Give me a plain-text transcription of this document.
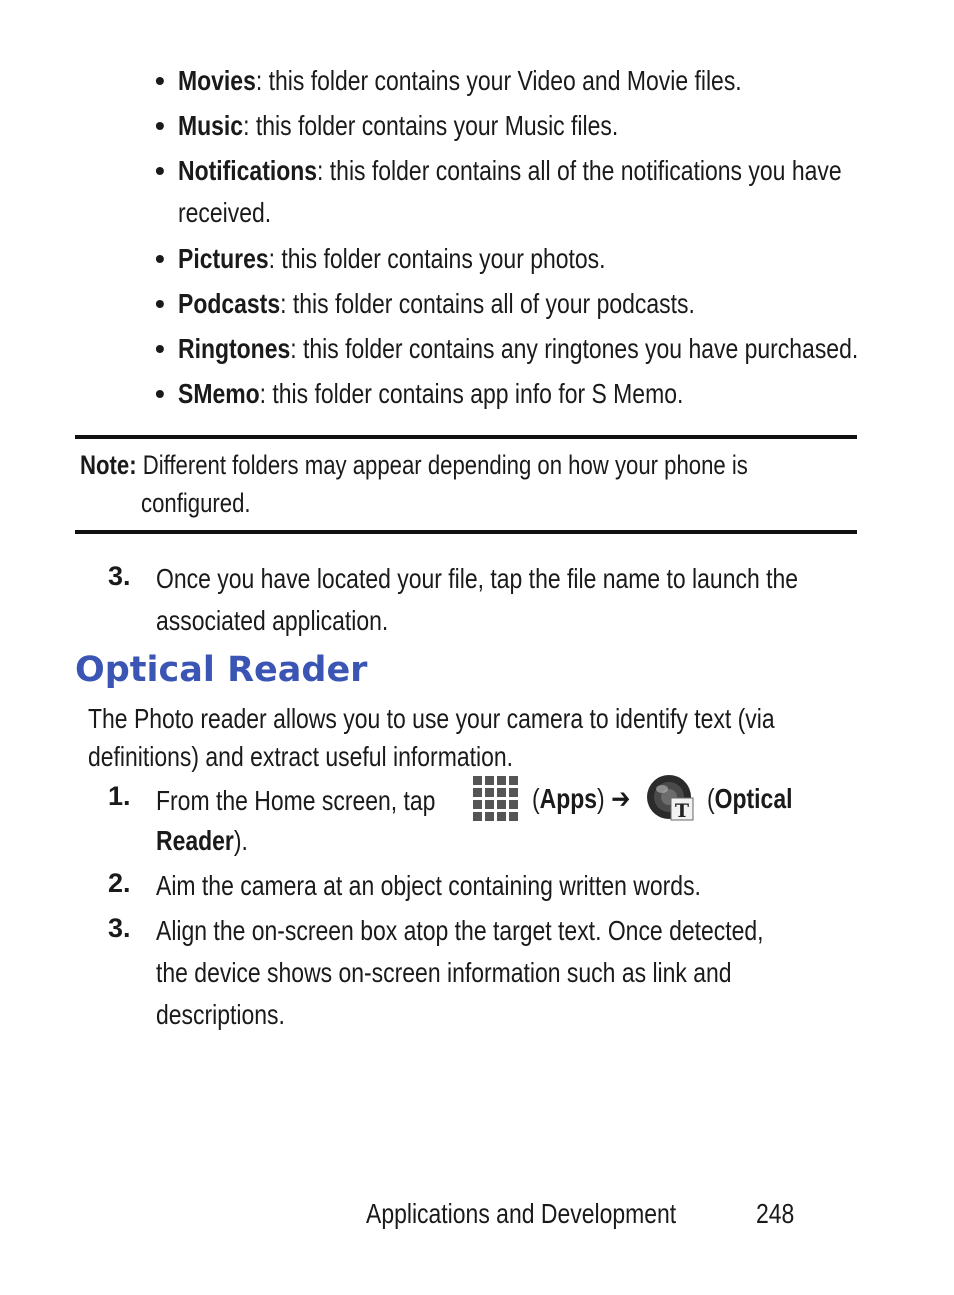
• Movies: this folder contains your Video and Movie files.
• Music: this folder contains your Music files.
• Notifications: this folder contains all of the notifications you have
received.
• Pictures: this folder contains your photos.
• Podcasts: this folder contains all of your podcasts.
• Ringtones: this folder contains any ringtones you have purchased.
• SMemo: this folder contains app info for S Memo.
Note: Different folders may appear depending on how your phone is
configured.
3. Once you have located your file, tap the file name to launch the
associated application.
Optical Reader
The Photo reader allows you to use your camera to identify text (via
definitions) and extract useful information.
1. From the Home screen, tap	(Apps) ➔	T (Optical
Reader).
2. Aim the camera at an object containing written words.
3. Align the on-screen box atop the target text. Once detected,
the device shows on-screen information such as link and
descriptions.
Applications and Development	248
